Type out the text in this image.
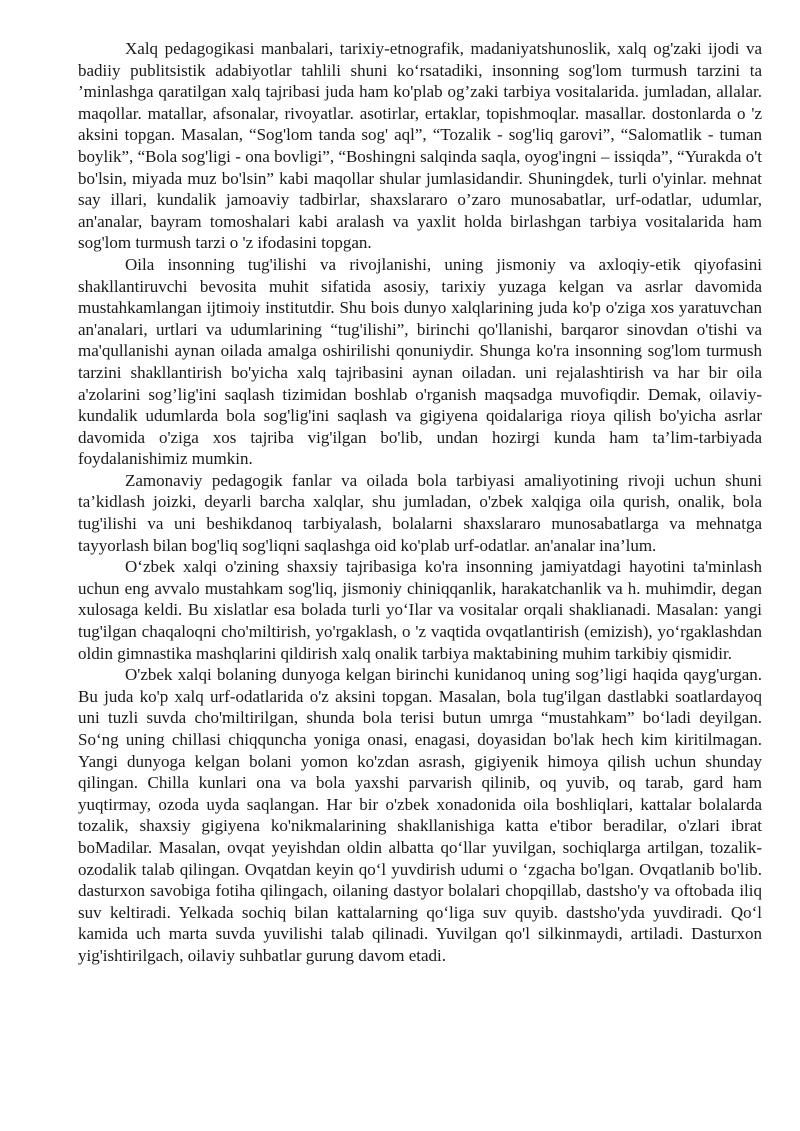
Xalq pedagogikasi manbalari, tarixiy-etnografik, madaniyatshunoslik, xalq og'zaki ijodi va badiiy publitsistik adabiyotlar tahlili shuni ko‘rsatadiki, insonning sog'lom turmush tarzini ta ’minlashga qaratilgan xalq tajribasi juda ham ko'plab og’zaki tarbiya vositalarida. jumladan, allalar. maqollar. matallar, afsonalar, rivoyatlar. asotirlar, ertaklar, topishmoqlar. masallar. dostonlarda o 'z aksini topgan. Masalan, “Sog'lom tanda sog' aql”, “Tozalik - sog'liq garovi”, “Salomatlik - tuman boylik”, “Bola sog'ligi - ona bovligi”, “Boshingni salqinda saqla, oyog'ingni – issiqda”, “Yurakda o't bo'lsin, miyada muz bo'lsin” kabi maqollar shular jumlasidandir. Shuningdek, turli o'yinlar. mehnat say illari, kundalik jamoaviy tadbirlar, shaxslararo o’zaro munosabatlar, urf-odatlar, udumlar, an'analar, bayram tomoshalari kabi aralash va yaxlit holda birlashgan tarbiya vositalarida ham sog'lom turmush tarzi o 'z ifodasini topgan.

Oila insonning tug'ilishi va rivojlanishi, uning jismoniy va axloqiy-etik qiyofasini shakllantiruvchi bevosita muhit sifatida asosiy, tarixiy yuzaga kelgan va asrlar davomida mustahkamlangan ijtimoiy institutdir. Shu bois dunyo xalqlarining juda ko'p o'ziga xos yaratuvchan an'analari, urtlari va udumlarining “tug'ilishi”, birinchi qo'llanishi, barqaror sinovdan o'tishi va ma'qullanishi aynan oilada amalga oshirilishi qonuniydir. Shunga ko'ra insonning sog'lom turmush tarzini shakllantirish bo'yicha xalq tajribasini aynan oiladan. uni rejalashtirish va har bir oila a'zolarini sog’lig'ini saqlash tizimidan boshlab o'rganish maqsadga muvofiqdir. Demak, oilaviy-kundalik udumlarda bola sog'lig'ini saqlash va gigiyena qoidalariga rioya qilish bo'yicha asrlar davomida o'ziga xos tajriba vig'ilgan bo'lib, undan hozirgi kunda ham ta’lim-tarbiyada foydalanishimiz mumkin.

Zamonaviy pedagogik fanlar va oilada bola tarbiyasi amaliyotining rivoji uchun shuni ta’kidlash joizki, deyarli barcha xalqlar, shu jumladan, o'zbek xalqiga oila qurish, onalik, bola tug'ilishi va uni beshikdanoq tarbiyalash, bolalarni shaxslararo munosabatlarga va mehnatga tayyorlash bilan bog'liq sog'liqni saqlashga oid ko'plab urf-odatlar. an'analar ina’lum.

O‘zbek xalqi o'zining shaxsiy tajribasiga ko'ra insonning jamiyatdagi hayotini ta'minlash uchun eng avvalo mustahkam sog'liq, jismoniy chiniqqanlik, harakatchanlik va h. muhimdir, degan xulosaga keldi. Bu xislatlar esa bolada turli yo‘Ilar va vositalar orqali shaklianadi. Masalan: yangi tug'ilgan chaqaloqni cho'miltirish, yo'rgaklash, o 'z vaqtida ovqatlantirish (emizish), yo‘rgaklashdan oldin gimnastika mashqlarini qildirish xalq onalik tarbiya maktabining muhim tarkibiy qismidir.

O'zbek xalqi bolaning dunyoga kelgan birinchi kunidanoq uning sog’ligi haqida qayg'urgan. Bu juda ko'p xalq urf-odatlarida o'z aksini topgan. Masalan, bola tug'ilgan dastlabki soatlardayoq uni tuzli suvda cho'miltirilgan, shunda bola terisi butun umrga “mustahkam” bo‘ladi deyilgan. So‘ng uning chillasi chiqquncha yoniga onasi, enagasi, doyasidan bo'lak hech kim kiritilmagan. Yangi dunyoga kelgan bolani yomon ko'zdan asrash, gigiyenik himoya qilish uchun shunday qilingan. Chilla kunlari ona va bola yaxshi parvarish qilinib, oq yuvib, oq tarab, gard ham yuqtirmay, ozoda uyda saqlangan. Har bir o'zbek xonadonida oila boshliqlari, kattalar bolalarda tozalik, shaxsiy gigiyena ko'nikmalarining shakllanishiga katta e'tibor beradilar, o'zlari ibrat boMadilar. Masalan, ovqat yeyishdan oldin albatta qo‘llar yuvilgan, sochiqlarga artilgan, tozalik-ozodalik talab qilingan. Ovqatdan keyin qo‘l yuvdirish udumi o ‘zgacha bo'lgan. Ovqatlanib bo'lib. dasturxon savobiga fotiha qilingach, oilaning dastyor bolalari chopqillab, dastsho'y va oftobada iliq suv keltiradi. Yelkada sochiq bilan kattalarning qo‘liga suv quyib. dastsho'yda yuvdiradi. Qo‘l kamida uch marta suvda yuvilishi talab qilinadi. Yuvilgan qo'l silkinmaydi, artiladi. Dasturxon yig'ishtirilgach, oilaviy suhbatlar gurung davom etadi.
